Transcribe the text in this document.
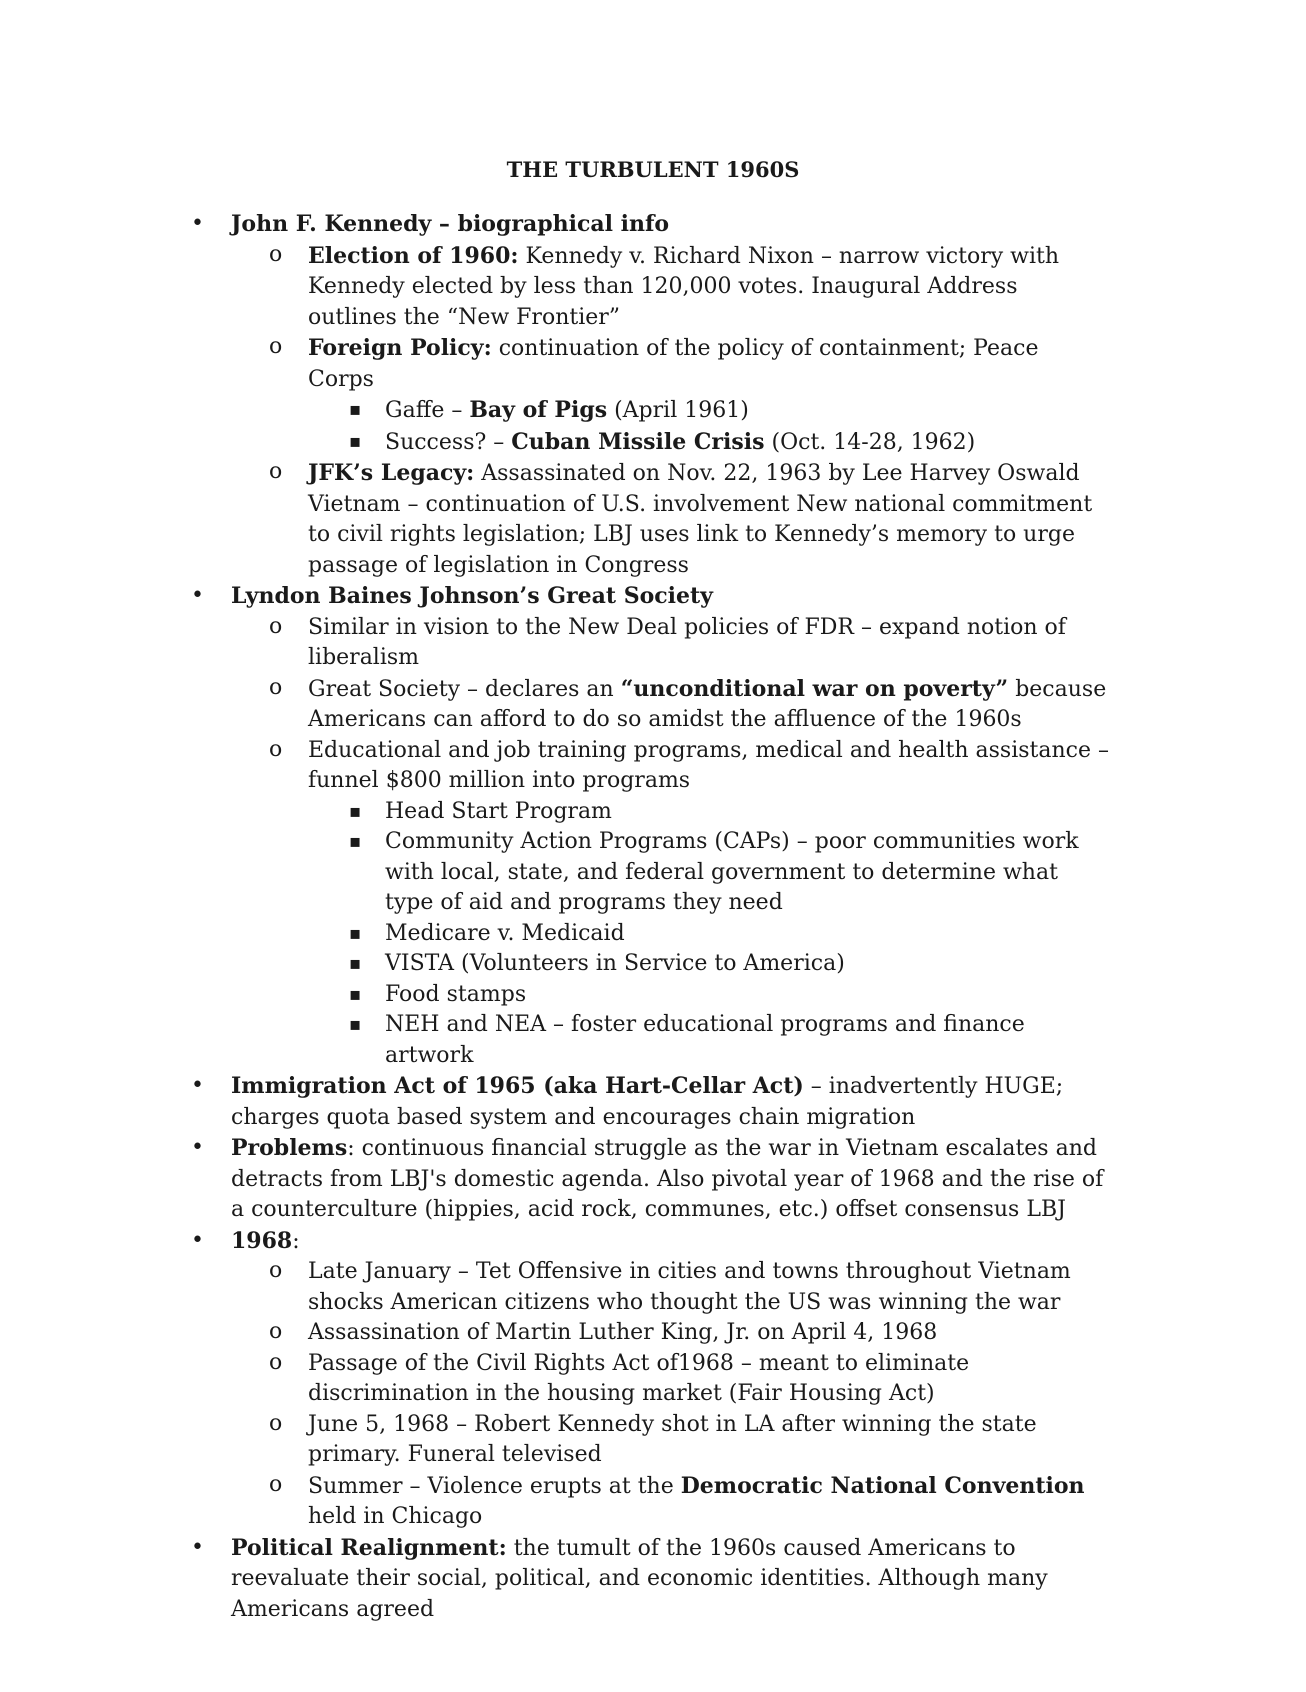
THE TURBULENT 1960S
• John F. Kennedy – biographical info
o Election of 1960: Kennedy v. Richard Nixon – narrow victory with Kennedy elected by less than 120,000 votes. Inaugural Address outlines the “New Frontier”
o Foreign Policy: continuation of the policy of containment; Peace Corps
▪ Gaffe – Bay of Pigs (April 1961)
▪ Success? – Cuban Missile Crisis (Oct. 14-28, 1962)
o JFK’s Legacy: Assassinated on Nov. 22, 1963 by Lee Harvey Oswald Vietnam – continuation of U.S. involvement New national commitment to civil rights legislation; LBJ uses link to Kennedy’s memory to urge passage of legislation in Congress
• Lyndon Baines Johnson’s Great Society
o Similar in vision to the New Deal policies of FDR – expand notion of liberalism
o Great Society – declares an “unconditional war on poverty” because Americans can afford to do so amidst the affluence of the 1960s
o Educational and job training programs, medical and health assistance – funnel $800 million into programs
▪ Head Start Program
▪ Community Action Programs (CAPs) – poor communities work with local, state, and federal government to determine what type of aid and programs they need
▪ Medicare v. Medicaid
▪ VISTA (Volunteers in Service to America)
▪ Food stamps
▪ NEH and NEA – foster educational programs and finance artwork
• Immigration Act of 1965 (aka Hart-Cellar Act) – inadvertently HUGE; charges quota based system and encourages chain migration
• Problems: continuous financial struggle as the war in Vietnam escalates and detracts from LBJ's domestic agenda. Also pivotal year of 1968 and the rise of a counterculture (hippies, acid rock, communes, etc.) offset consensus LBJ
• 1968:
o Late January – Tet Offensive in cities and towns throughout Vietnam shocks American citizens who thought the US was winning the war
o Assassination of Martin Luther King, Jr. on April 4, 1968
o Passage of the Civil Rights Act of1968 – meant to eliminate discrimination in the housing market (Fair Housing Act)
o June 5, 1968 – Robert Kennedy shot in LA after winning the state primary. Funeral televised
o Summer – Violence erupts at the Democratic National Convention held in Chicago
• Political Realignment: the tumult of the 1960s caused Americans to reevaluate their social, political, and economic identities. Although many Americans agreed
